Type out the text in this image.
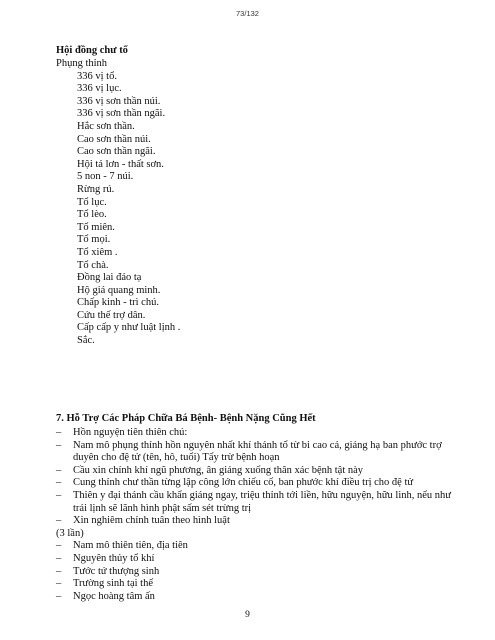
73/132
Hội đồng chư tổ
Phụng thỉnh
336 vị tổ.
336 vị lục.
336 vị sơn thần núi.
336 vị sơn thần ngãi.
Hắc sơn thần.
Cao sơn thần núi.
Cao sơn thần ngãi.
Hội tả lơn - thất sơn.
5 non - 7 núi.
Rừng rú.
Tổ lục.
Tổ lèo.
Tổ miên.
Tổ mọi.
Tổ xiêm .
Tổ chà.
Đồng lai đáo tạ
Hộ giá quang minh.
Chấp kinh - trì chú.
Cứu thế trợ dân.
Cấp cấp y như luật lịnh .
Sắc.
7. Hỗ Trợ Các Pháp Chữa Bá Bệnh- Bệnh Nặng Cũng Hết
– Hồn nguyện tiên thiên chú:
– Nam mô phụng thỉnh hồn nguyên nhất khí thánh tổ từ bi cao cả, giáng hạ ban phước trợ duyên cho đệ tử (tên, hô, tuổi) Tẩy trừ bệnh hoạn
– Cầu xin chính khí ngũ phương, ân giáng xuống thân xác bệnh tật này
– Cung thỉnh chư thần từng lập công lớn chiếu cố, ban phước khí điều trị cho đệ tử
– Thiên y đại thánh cầu khẩn giáng ngay, triệu thỉnh tới liền, hữu nguyện, hữu linh, nếu như trái lịnh sẽ lãnh hình phật sấm sét trừng trị
– Xin nghiêm chỉnh tuân theo hình luật
(3 lần)
– Nam mô thiên tiên, địa tiên
– Nguyên thủy tổ khí
– Tước tứ thượng sinh
– Trường sinh tại thế
– Ngọc hoàng tâm ấn
9
